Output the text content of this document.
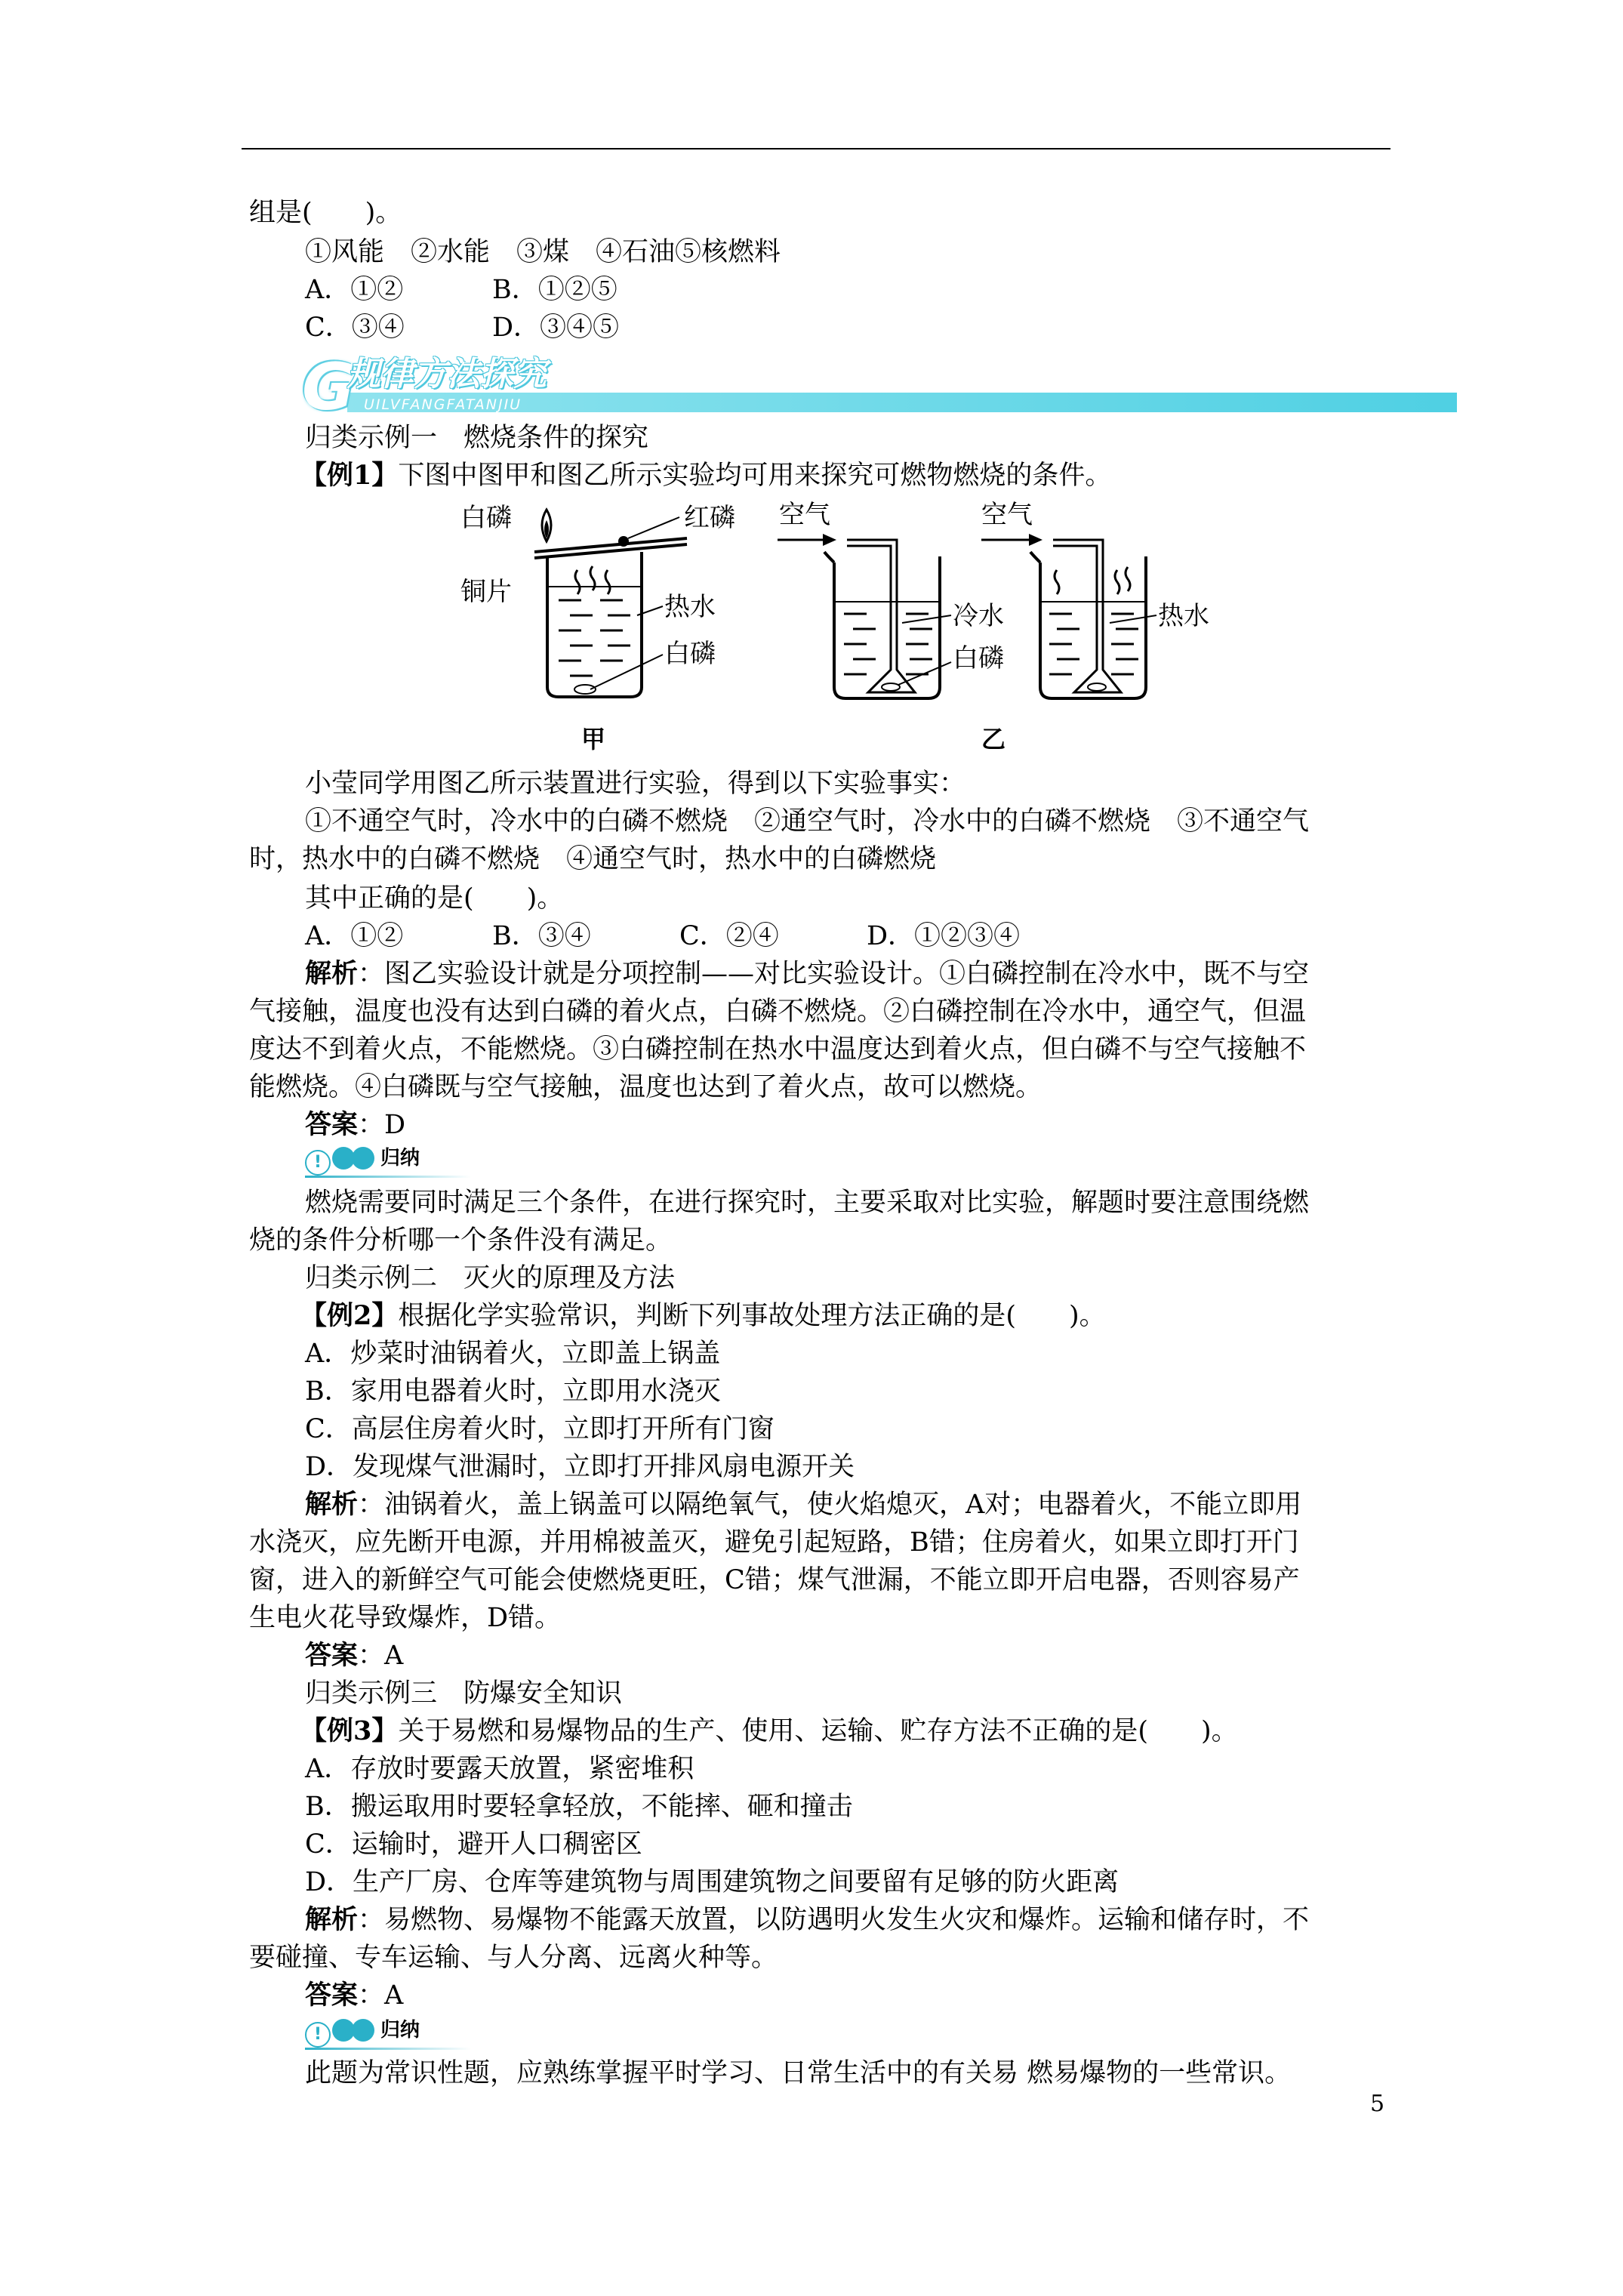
组是(　　)。
①风能　②水能　③煤　④石油⑤核燃料
A．①②	B．①②⑤
C．③④	D．③④⑤
G
规律方法探究
UILVFANGFATANJIU
归类示例一　燃烧条件的探究
【例1】下图中图甲和图乙所示实验均可用来探究可燃物燃烧的条件。
白磷	红磷
铜片	热水
白磷
甲
空气
冷水
白磷
空气
热水
乙
小莹同学用图乙所示装置进行实验，得到以下实验事实：
①不通空气时，冷水中的白磷不燃烧　②通空气时，冷水中的白磷不燃烧　③不通空气
时，热水中的白磷不燃烧　④通空气时，热水中的白磷燃烧
其中正确的是(　　)。
A．①②	B．③④	C．②④	D．①②③④
解析：图乙实验设计就是分项控制——对比实验设计。①白磷控制在冷水中，既不与空
气接触，温度也没有达到白磷的着火点，白磷不燃烧。②白磷控制在冷水中，通空气，但温
度达不到着火点，不能燃烧。③白磷控制在热水中温度达到着火点，但白磷不与空气接触不
能燃烧。④白磷既与空气接触，温度也达到了着火点，故可以燃烧。
答案：D
!	归纳
燃烧需要同时满足三个条件，在进行探究时，主要采取对比实验，解题时要注意围绕燃
烧的条件分析哪一个条件没有满足。
归类示例二　灭火的原理及方法
【例2】根据化学实验常识，判断下列事故处理方法正确的是(　　)。
A．炒菜时油锅着火，立即盖上锅盖
B．家用电器着火时，立即用水浇灭
C．高层住房着火时，立即打开所有门窗
D．发现煤气泄漏时，立即打开排风扇电源开关
解析：油锅着火，盖上锅盖可以隔绝氧气，使火焰熄灭，A对；电器着火，不能立即用
水浇灭，应先断开电源，并用棉被盖灭，避免引起短路，B错；住房着火，如果立即打开门
窗，进入的新鲜空气可能会使燃烧更旺，C错；煤气泄漏，不能立即开启电器，否则容易产
生电火花导致爆炸，D错。
答案：A
归类示例三　防爆安全知识
【例3】关于易燃和易爆物品的生产、使用、运输、贮存方法不正确的是(　　)。
A．存放时要露天放置，紧密堆积
B．搬运取用时要轻拿轻放，不能摔、砸和撞击
C．运输时，避开人口稠密区
D．生产厂房、仓库等建筑物与周围建筑物之间要留有足够的防火距离
解析：易燃物、易爆物不能露天放置，以防遇明火发生火灾和爆炸。运输和储存时，不
要碰撞、专车运输、与人分离、远离火种等。
答案：A
!	归纳
此题为常识性题，应熟练掌握平时学习、日常生活中的有关易 燃易爆物的一些常识。
5
